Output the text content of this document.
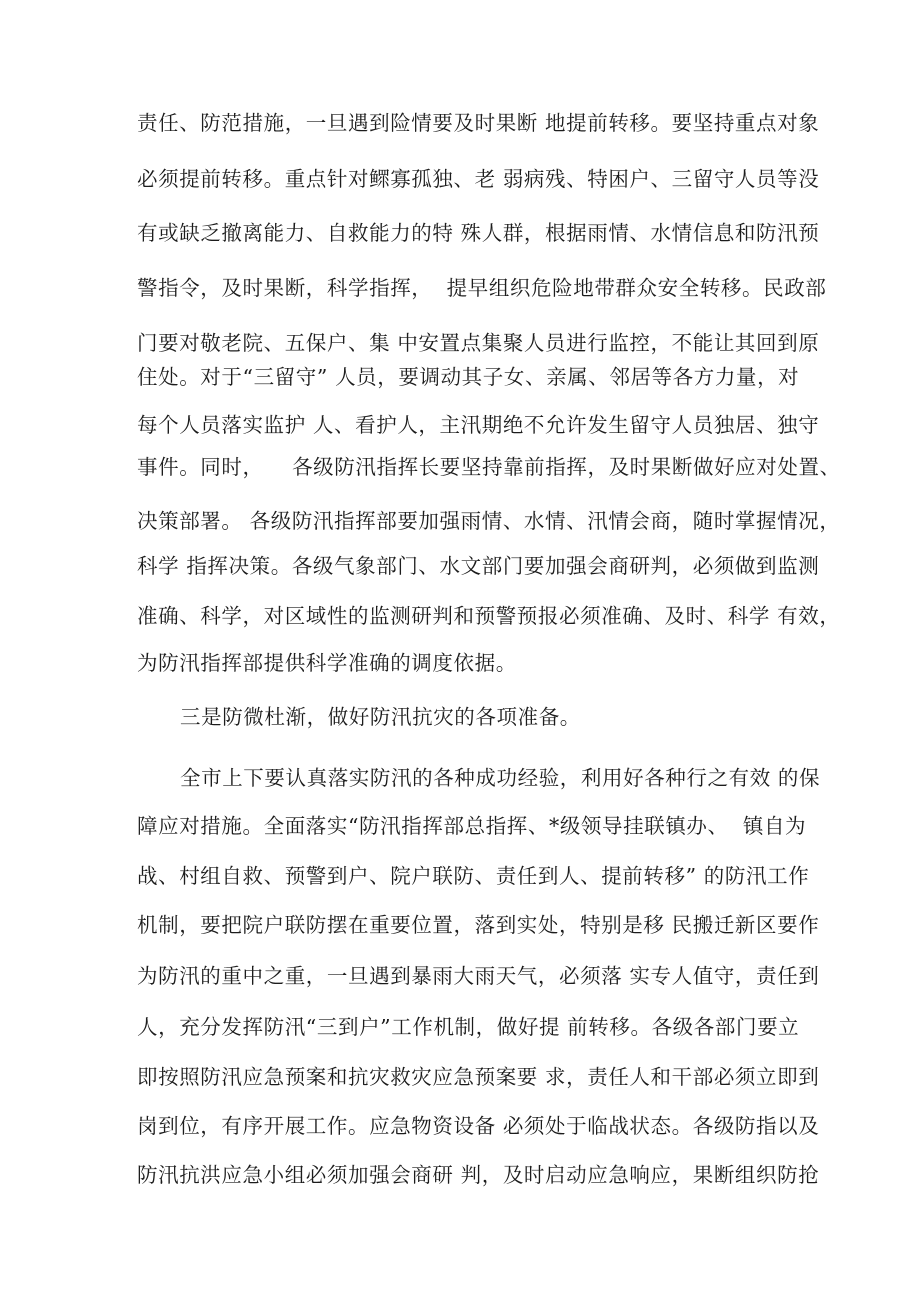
责任、防范措施，一旦遇到险情要及时果断 地提前转移。要坚持重点对象
必须提前转移。重点针对鳏寡孤独、老 弱病残、特困户、三留守人员等没
有或缺乏撤离能力、自救能力的特 殊人群，根据雨情、水情信息和防汛预
警指令，及时果断，科学指挥，  提早组织危险地带群众安全转移。民政部
门要对敬老院、五保户、集 中安置点集聚人员进行监控，不能让其回到原
住处。对于“三留守” 人员，要调动其子女、亲属、邻居等各方力量，对
每个人员落实监护 人、看护人，主汛期绝不允许发生留守人员独居、独守
事件。同时，    各级防汛指挥长要坚持靠前指挥，及时果断做好应对处置、
决策部署。 各级防汛指挥部要加强雨情、水情、汛情会商，随时掌握情况，
科学 指挥决策。各级气象部门、水文部门要加强会商研判，必须做到监测
准确、科学，对区域性的监测研判和预警预报必须准确、及时、科学 有效，
为防汛指挥部提供科学准确的调度依据。
三是防微杜渐，做好防汛抗灾的各项准备。
全市上下要认真落实防汛的各种成功经验，利用好各种行之有效 的保
障应对措施。全面落实“防汛指挥部总指挥、*级领导挂联镇办、  镇自为
战、村组自救、预警到户、院户联防、责任到人、提前转移” 的防汛工作
机制，要把院户联防摆在重要位置，落到实处，特别是移 民搬迁新区要作
为防汛的重中之重，一旦遇到暴雨大雨天气，必须落 实专人值守，责任到
人，充分发挥防汛“三到户”工作机制，做好提 前转移。各级各部门要立
即按照防汛应急预案和抗灾救灾应急预案要 求，责任人和干部必须立即到
岗到位，有序开展工作。应急物资设备 必须处于临战状态。各级防指以及
防汛抗洪应急小组必须加强会商研 判，及时启动应急响应，果断组织防抢
